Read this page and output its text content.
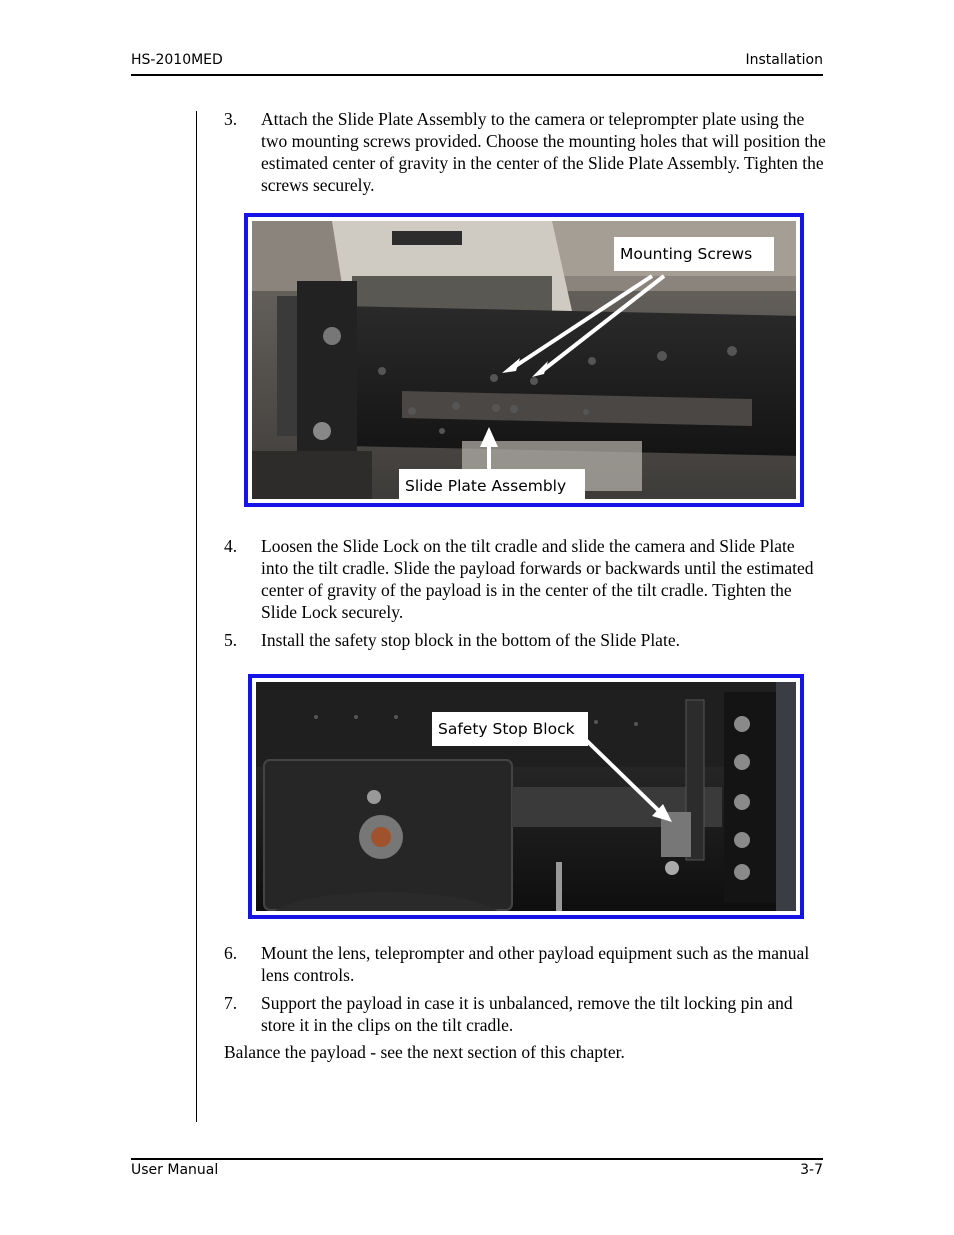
HS-2010MED	Installation
3. Attach the Slide Plate Assembly to the camera or teleprompter plate using the two mounting screws provided. Choose the mounting holes that will position the estimated center of gravity in the center of the Slide Plate Assembly. Tighten the screws securely.
Mounting Screws
Slide Plate Assembly
4. Loosen the Slide Lock on the tilt cradle and slide the camera and Slide Plate into the tilt cradle. Slide the payload forwards or backwards until the estimated center of gravity of the payload is in the center of the tilt cradle. Tighten the Slide Lock securely.
5. Install the safety stop block in the bottom of the Slide Plate.
Safety Stop Block
6. Mount the lens, teleprompter and other payload equipment such as the manual lens controls.
7. Support the payload in case it is unbalanced, remove the tilt locking pin and store it in the clips on the tilt cradle.
Balance the payload - see the next section of this chapter.
User Manual	3-7
